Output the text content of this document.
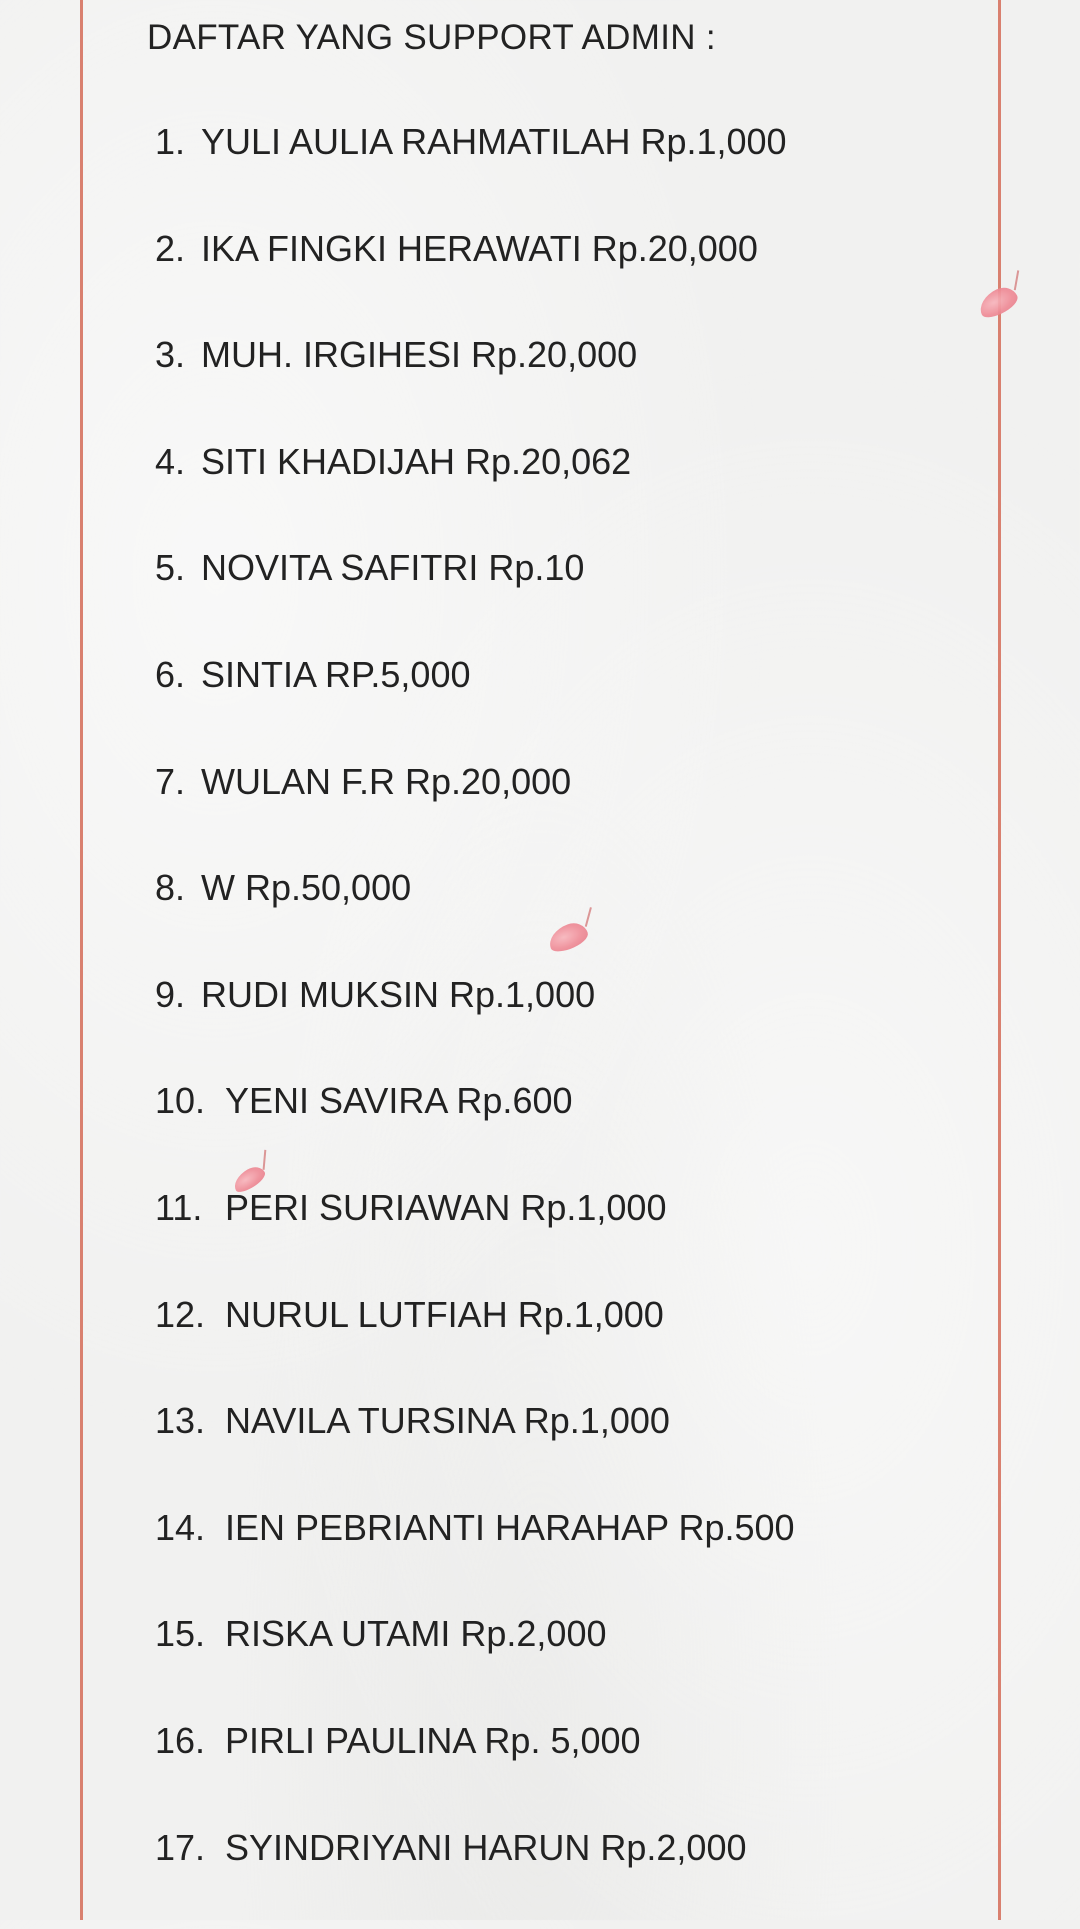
DAFTAR YANG SUPPORT ADMIN :
1. YULI AULIA RAHMATILAH Rp.1,000
2. IKA FINGKI HERAWATI Rp.20,000
3. MUH. IRGIHESI Rp.20,000
4. SITI KHADIJAH Rp.20,062
5. NOVITA SAFITRI Rp.10
6. SINTIA RP.5,000
7. WULAN F.R Rp.20,000
8. W Rp.50,000
9. RUDI MUKSIN Rp.1,000
10. YENI SAVIRA Rp.600
11. PERI SURIAWAN Rp.1,000
12. NURUL LUTFIAH Rp.1,000
13. NAVILA TURSINA Rp.1,000
14. IEN PEBRIANTI HARAHAP Rp.500
15. RISKA UTAMI Rp.2,000
16. PIRLI PAULINA Rp. 5,000
17. SYINDRIYANI HARUN Rp.2,000
